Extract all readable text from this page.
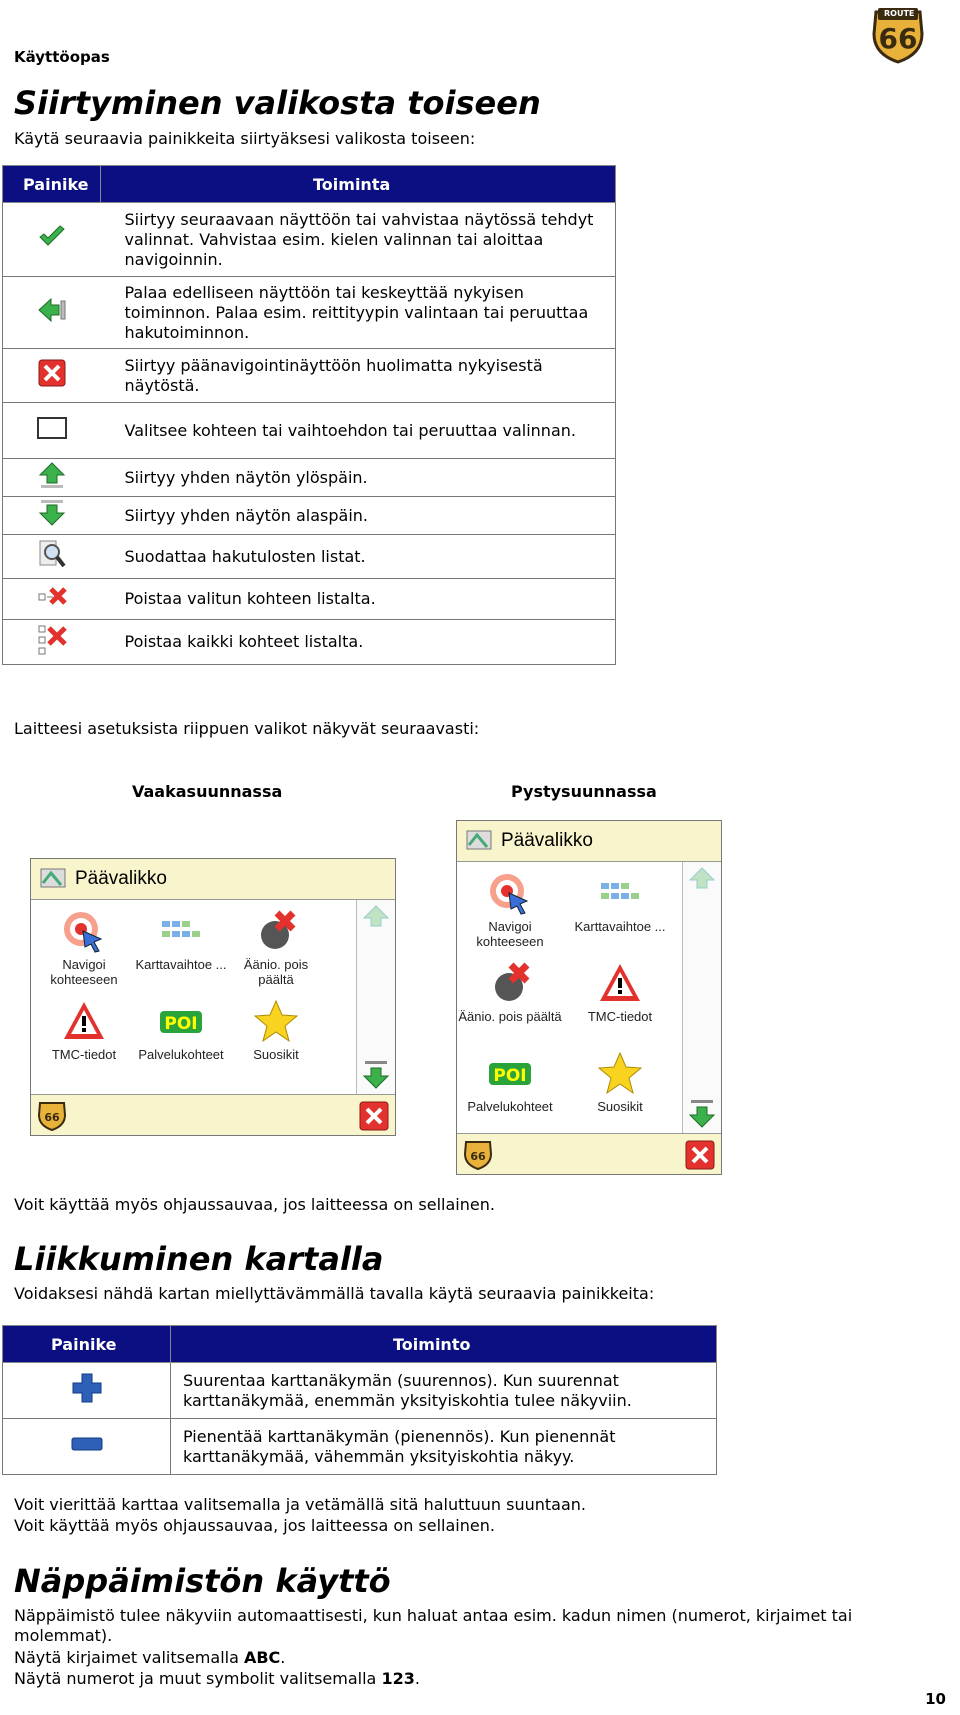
Käyttöopas
ROUTE
66
Siirtyminen valikosta toiseen

Käytä seuraavia painikkeita siirtyäksesi valikosta toiseen:

Painike	Toiminta
	Siirtyy seuraavaan näyttöön tai vahvistaa näytössä tehdyt valinnat. Vahvistaa esim. kielen valinnan tai aloittaa navigoinnin.
	Palaa edelliseen näyttöön tai keskeyttää nykyisen toiminnon. Palaa esim. reittityypin valintaan tai peruuttaa hakutoiminnon.
	Siirtyy päänavigointinäyttöön huolimatta nykyisestä näytöstä.
	Valitsee kohteen tai vaihtoehdon tai peruuttaa valinnan.
	Siirtyy yhden näytön ylöspäin.
	Siirtyy yhden näytön alaspäin.
	Suodattaa hakutulosten listat.
	Poistaa valitun kohteen listalta.
	Poistaa kaikki kohteet listalta.

Laitteesi asetuksista riippuen valikot näkyvät seuraavasti:

Vaakasuunnassa	Pystysuunnassa
Päävalikko
Navigoi
kohteeseen
Karttavaihtoe ...	Äänio. pois
päältä
TMC-tiedot
POI
Palvelukohteet	Suosikit
66
Päävalikko
Navigoi
kohteeseen
Karttavaihtoe ...
Äänio. pois päältä	TMC-tiedot
POI
Palvelukohteet	Suosikit
66

Voit käyttää myös ohjaussauvaa, jos laitteessa on sellainen.

Liikkuminen kartalla

Voidaksesi nähdä kartan miellyttävämmällä tavalla käytä seuraavia painikkeita:

Painike	Toiminto
	Suurentaa karttanäkymän (suurennos). Kun suurennat karttanäkymää, enemmän yksityiskohtia tulee näkyviin.
	Pienentää karttanäkymän (pienennös). Kun pienennät karttanäkymää, vähemmän yksityiskohtia näkyy.

Voit vierittää karttaa valitsemalla ja vetämällä sitä haluttuun suuntaan.

Voit käyttää myös ohjaussauvaa, jos laitteessa on sellainen.

Näppäimistön käyttö

Näppäimistö tulee näkyviin automaattisesti, kun haluat antaa esim. kadun nimen (numerot, kirjaimet tai molemmat).

Näytä kirjaimet valitsemalla ABC.

Näytä numerot ja muut symbolit valitsemalla 123.

10
